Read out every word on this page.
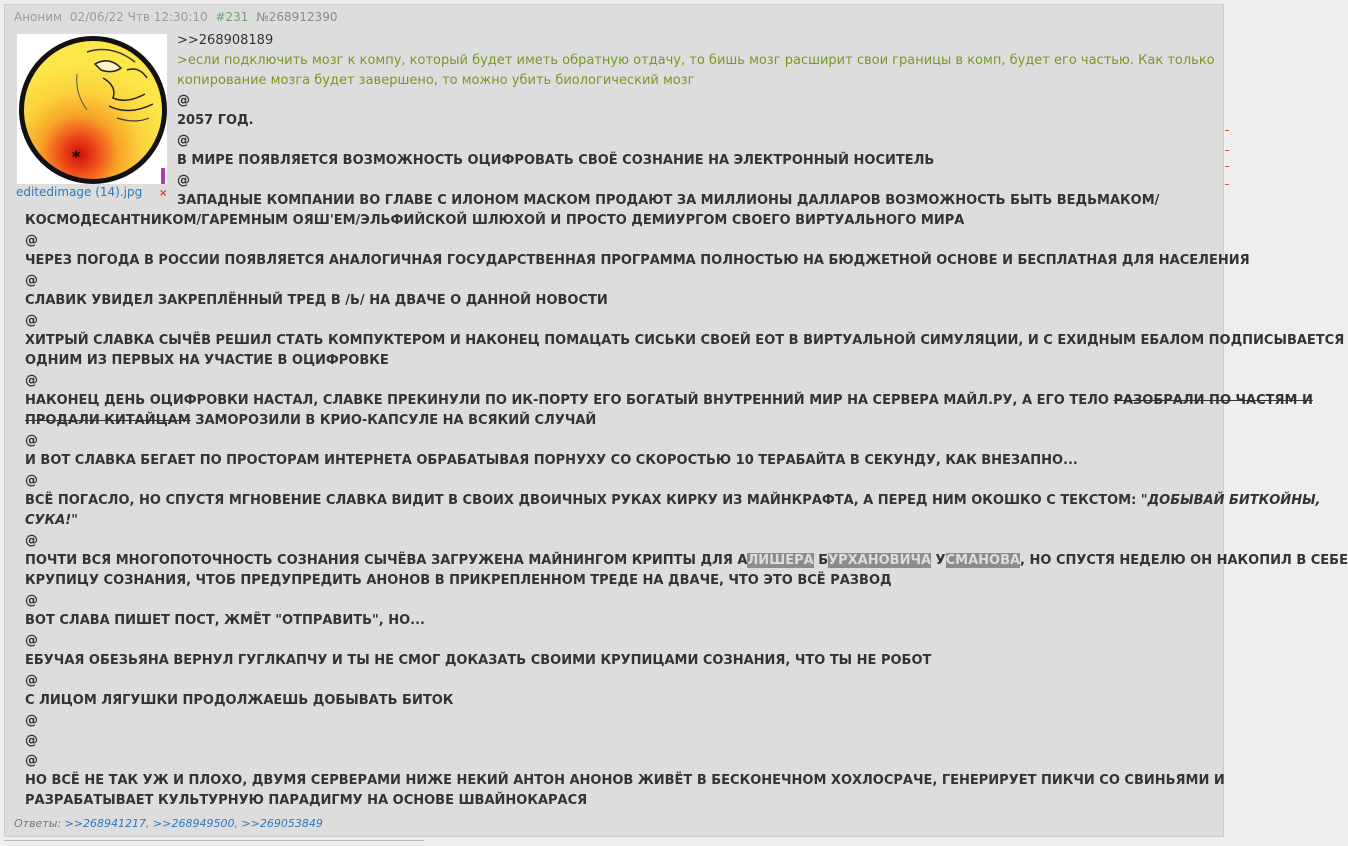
Аноним 02/06/22 Чтв 12:30:10 #231 №268912390
*
editedimage (14).jpg ×
>>268908189
>если подключить мозг к компу, который будет иметь обратную отдачу, то бишь мозг расширит свои границы в комп, будет его частью. Как только
копирование мозга будет завершено, то можно убить биологический мозг
@
2057 ГОД.
@
В МИРЕ ПОЯВЛЯЕТСЯ ВОЗМОЖНОСТЬ ОЦИФРОВАТЬ СВОЁ СОЗНАНИЕ НА ЭЛЕКТРОННЫЙ НОСИТЕЛЬ
@
ЗАПАДНЫЕ КОМПАНИИ ВО ГЛАВЕ С ИЛОНОМ МАСКОМ ПРОДАЮТ ЗА МИЛЛИОНЫ ДАЛЛАРОВ ВОЗМОЖНОСТЬ БЫТЬ ВЕДЬМАКОМ/
КОСМОДЕСАНТНИКОМ/ГАРЕМНЫМ ОЯШ'ЕМ/ЭЛЬФИЙСКОЙ ШЛЮХОЙ И ПРОСТО ДЕМИУРГОМ СВОЕГО ВИРТУАЛЬНОГО МИРА
@
ЧЕРЕЗ ПОГОДА В РОССИИ ПОЯВЛЯЕТСЯ АНАЛОГИЧНАЯ ГОСУДАРСТВЕННАЯ ПРОГРАММА ПОЛНОСТЬЮ НА БЮДЖЕТНОЙ ОСНОВЕ И БЕСПЛАТНАЯ ДЛЯ НАСЕЛЕНИЯ
@
СЛАВИК УВИДЕЛ ЗАКРЕПЛЁННЫЙ ТРЕД В /Ь/ НА ДВАЧЕ О ДАННОЙ НОВОСТИ
@
ХИТРЫЙ СЛАВКА СЫЧЁВ РЕШИЛ СТАТЬ КОМПУКТЕРОМ И НАКОНЕЦ ПОМАЦАТЬ СИСЬКИ СВОЕЙ ЕОТ В ВИРТУАЛЬНОЙ СИМУЛЯЦИИ, И С ЕХИДНЫМ ЕБАЛОМ ПОДПИСЫВАЕТСЯ
ОДНИМ ИЗ ПЕРВЫХ НА УЧАСТИЕ В ОЦИФРОВКЕ
@
НАКОНЕЦ ДЕНЬ ОЦИФРОВКИ НАСТАЛ, СЛАВКЕ ПРЕКИНУЛИ ПО ИК-ПОРТУ ЕГО БОГАТЫЙ ВНУТРЕННИЙ МИР НА СЕРВЕРА МАЙЛ.РУ, А ЕГО ТЕЛО РАЗОБРАЛИ ПО ЧАСТЯМ И
ПРОДАЛИ КИТАЙЦАМ ЗАМОРОЗИЛИ В КРИО-КАПСУЛЕ НА ВСЯКИЙ СЛУЧАЙ
@
И ВОТ СЛАВКА БЕГАЕТ ПО ПРОСТОРАМ ИНТЕРНЕТА ОБРАБАТЫВАЯ ПОРНУХУ СО СКОРОСТЬЮ 10 ТЕРАБАЙТА В СЕКУНДУ, КАК ВНЕЗАПНО...
@
ВСЁ ПОГАСЛО, НО СПУСТЯ МГНОВЕНИЕ СЛАВКА ВИДИТ В СВОИХ ДВОИЧНЫХ РУКАХ КИРКУ ИЗ МАЙНКРАФТА, А ПЕРЕД НИМ ОКОШКО С ТЕКСТОМ: "ДОБЫВАЙ БИТКОЙНЫ,
СУКА!"
@
ПОЧТИ ВСЯ МНОГОПОТОЧНОСТЬ СОЗНАНИЯ СЫЧЁВА ЗАГРУЖЕНА МАЙНИНГОМ КРИПТЫ ДЛЯ АЛИШЕРА БУРХАНОВИЧА УСМАНОВА, НО СПУСТЯ НЕДЕЛЮ ОН НАКОПИЛ В СЕБЕ
КРУПИЦУ СОЗНАНИЯ, ЧТОБ ПРЕДУПРЕДИТЬ АНОНОВ В ПРИКРЕПЛЕННОМ ТРЕДЕ НА ДВАЧЕ, ЧТО ЭТО ВСЁ РАЗВОД
@
ВОТ СЛАВА ПИШЕТ ПОСТ, ЖМЁТ "ОТПРАВИТЬ", НО...
@
ЕБУЧАЯ ОБЕЗЬЯНА ВЕРНУЛ ГУГЛКАПЧУ И ТЫ НЕ СМОГ ДОКАЗАТЬ СВОИМИ КРУПИЦАМИ СОЗНАНИЯ, ЧТО ТЫ НЕ РОБОТ
@
С ЛИЦОМ ЛЯГУШКИ ПРОДОЛЖАЕШЬ ДОБЫВАТЬ БИТОК
@
@
@
НО ВСЁ НЕ ТАК УЖ И ПЛОХО, ДВУМЯ СЕРВЕРАМИ НИЖЕ НЕКИЙ АНТОН АНОНОВ ЖИВЁТ В БЕСКОНЕЧНОМ ХОХЛОСРАЧЕ, ГЕНЕРИРУЕТ ПИКЧИ СО СВИНЬЯМИ И
РАЗРАБАТЫВАЕТ КУЛЬТУРНУЮ ПАРАДИГМУ НА ОСНОВЕ ШВАЙНОКАРАСЯ
Ответы: >>268941217, >>268949500, >>269053849
